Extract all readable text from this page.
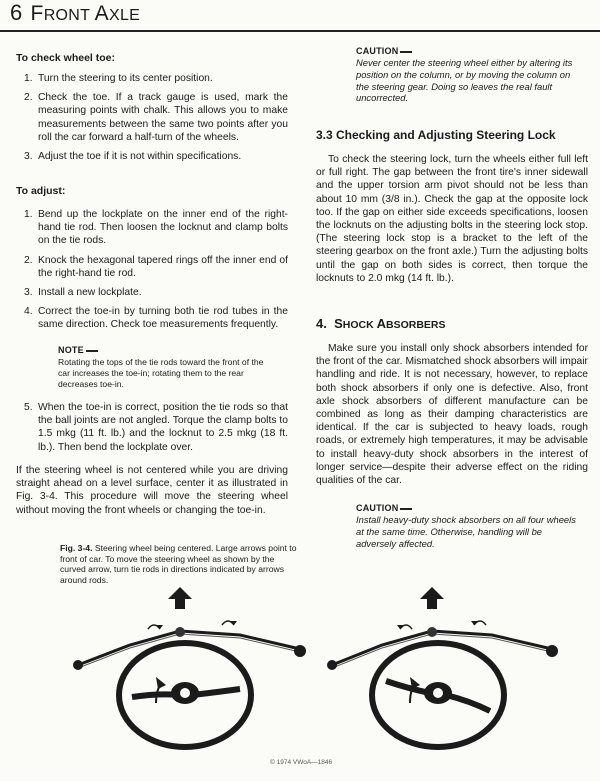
6 FRONT AXLE
To check wheel toe:
1. Turn the steering to its center position.
2. Check the toe. If a track gauge is used, mark the measuring points with chalk. This allows you to make measurements between the same two points after you roll the car forward a half-turn of the wheels.
3. Adjust the toe if it is not within specifications.
To adjust:
1. Bend up the lockplate on the inner end of the right-hand tie rod. Then loosen the locknut and clamp bolts on the tie rods.
2. Knock the hexagonal tapered rings off the inner end of the right-hand tie rod.
3. Install a new lockplate.
4. Correct the toe-in by turning both tie rod tubes in the same direction. Check toe measurements frequently.
NOTE
Rotating the tops of the tie rods toward the front of the car increases the toe-in; rotating them to the rear decreases toe-in.
5. When the toe-in is correct, position the tie rods so that the ball joints are not angled. Torque the clamp bolts to 1.5 mkg (11 ft. lb.) and the locknut to 2.5 mkg (18 ft. lb.). Then bend the lockplate over.

If the steering wheel is not centered while you are driving straight ahead on a level surface, center it as illustrated in Fig. 3-4. This procedure will move the steering wheel without moving the front wheels or changing the toe-in.

Fig. 3-4. Steering wheel being centered. Large arrows point to front of car. To move the steering wheel as shown by the curved arrow, turn tie rods in directions indicated by arrows around rods.
CAUTION
Never center the steering wheel either by altering its position on the column, or by moving the column on the steering gear. Doing so leaves the real fault uncorrected.
3.3 Checking and Adjusting Steering Lock

To check the steering lock, turn the wheels either full left or full right. The gap between the front tire's inner sidewall and the upper torsion arm pivot should not be less than about 10 mm (3/8 in.). Check the gap at the opposite lock too. If the gap on either side exceeds specifications, loosen the locknuts on the adjusting bolts in the steering lock stop. (The steering lock stop is a bracket to the left of the steering gearbox on the front axle.) Turn the adjusting bolts until the gap on both sides is correct, then torque the locknuts to 2.0 mkg (14 ft. lb.).

4. SHOCK ABSORBERS

Make sure you install only shock absorbers intended for the front of the car. Mismatched shock absorbers will impair handling and ride. It is not necessary, however, to replace both shock absorbers if only one is defective. Also, front axle shock absorbers of different manufacture can be combined as long as their damping characteristics are identical. If the car is subjected to heavy loads, rough roads, or extremely high temperatures, it may be advisable to install heavy-duty shock absorbers in the interest of longer service—despite their adverse effect on the riding qualities of the car.

CAUTION
Install heavy-duty shock absorbers on all four wheels at the same time. Otherwise, handling will be adversely affected.
© 1974 VWoA—1846
